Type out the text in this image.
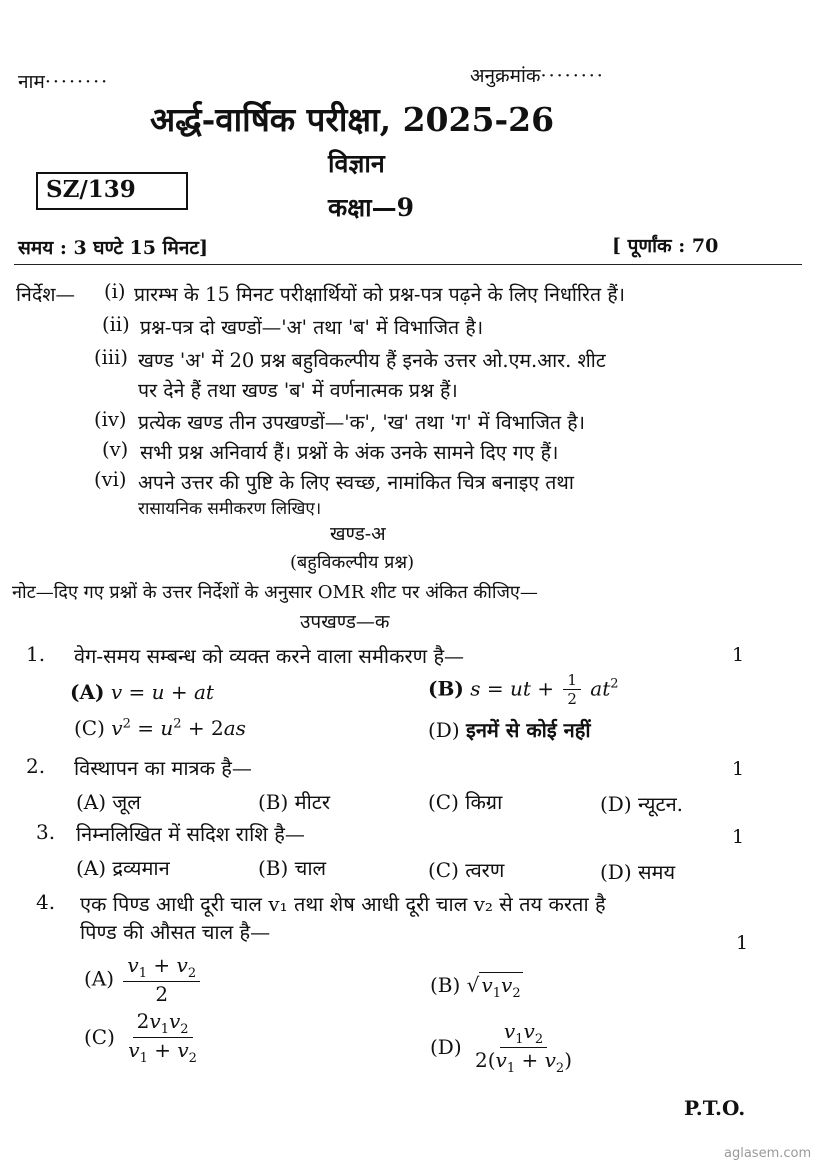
नाम········	अनुक्रमांक········
अर्द्ध-वार्षिक परीक्षा, 2025-26
विज्ञान
SZ/139
कक्षा—9
समय : 3 घण्टे 15 मिनट]	[ पूर्णांक : 70
निर्देश— (i) प्रारम्भ के 15 मिनट परीक्षार्थियों को प्रश्न-पत्र पढ़ने के लिए निर्धारित हैं।
(ii) प्रश्न-पत्र दो खण्डों—'अ' तथा 'ब' में विभाजित है।
(iii) खण्ड 'अ' में 20 प्रश्न बहुविकल्पीय हैं इनके उत्तर ओ.एम.आर. शीट
पर देने हैं तथा खण्ड 'ब' में वर्णनात्मक प्रश्न हैं।
(iv) प्रत्येक खण्ड तीन उपखण्डों—'क', 'ख' तथा 'ग' में विभाजित है।
(v) सभी प्रश्न अनिवार्य हैं। प्रश्नों के अंक उनके सामने दिए गए हैं।
(vi) अपने उत्तर की पुष्टि के लिए स्वच्छ, नामांकित चित्र बनाइए तथा
रासायनिक समीकरण लिखिए।
खण्ड-अ
(बहुविकल्पीय प्रश्न)
नोट—दिए गए प्रश्नों के उत्तर निर्देशों के अनुसार OMR शीट पर अंकित कीजिए—
उपखण्ड—क
1. वेग-समय सम्बन्ध को व्यक्त करने वाला समीकरण है—	1
(A) v = u + at	(B) s = ut + $\frac{1}{2} at^2$
(C) $v^2 = u^2 + 2as$	(D) इनमें से कोई नहीं
2. विस्थापन का मात्रक है—	1
(A) जूल	(B) मीटर	(C) किग्रा	(D) न्यूटन.
3. निम्नलिखित में सदिश राशि है—	1
(A) द्रव्यमान	(B) चाल	(C) त्वरण	(D) समय
4. एक पिण्ड आधी दूरी चाल v₁ तथा शेष आधी दूरी चाल v₂ से तय करता है
पिण्ड की औसत चाल है—	1
$(A) \frac{v_1 + v_2}{2}$	(B) √ $v_1v_2$
$(C) \frac{2v_1v_2}{v_1 + v_2}$	$(D) \frac{v_1v_2}{2(v_1 + v_2)}$
P.T.O.
aglasem.com
